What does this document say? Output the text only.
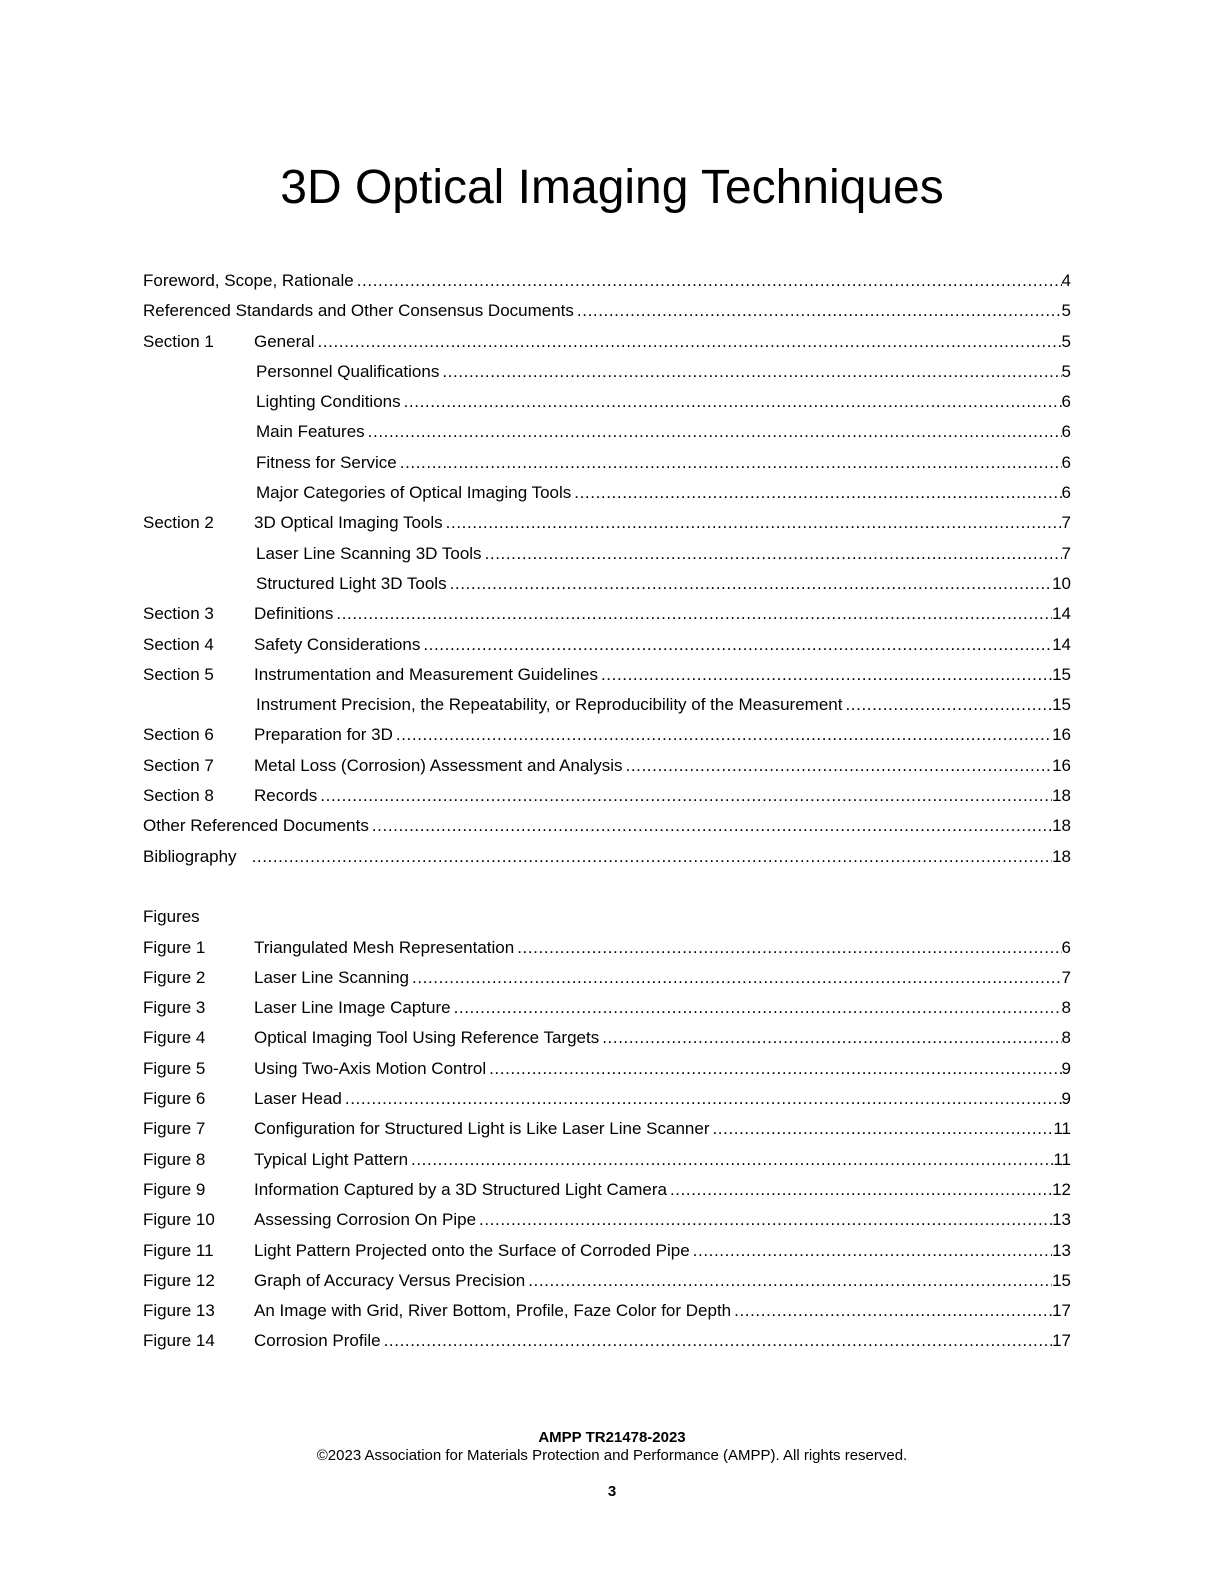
3D Optical Imaging Techniques
Foreword, Scope, Rationale .....	4
Referenced Standards and Other Consensus Documents .....	5
Section 1	General .....	5
Personnel Qualifications .....	5
Lighting Conditions .....	6
Main Features .....	6
Fitness for Service .....	6
Major Categories of Optical Imaging Tools .....	6
Section 2	3D Optical Imaging Tools .....	7
Laser Line Scanning 3D Tools .....	7
Structured Light 3D Tools .....	10
Section 3	Definitions .....	14
Section 4	Safety Considerations .....	14
Section 5	Instrumentation and Measurement Guidelines .....	15
Instrument Precision, the Repeatability, or Reproducibility of the Measurement .....	15
Section 6	Preparation for 3D .....	16
Section 7	Metal Loss (Corrosion) Assessment and Analysis .....	16
Section 8	Records .....	18
Other Referenced Documents .....	18
Bibliography .....	18
Figures
Figure 1	Triangulated Mesh Representation .....	6
Figure 2	Laser Line Scanning .....	7
Figure 3	Laser Line Image Capture .....	8
Figure 4	Optical Imaging Tool Using Reference Targets .....	8
Figure 5	Using Two-Axis Motion Control .....	9
Figure 6	Laser Head .....	9
Figure 7	Configuration for Structured Light is Like Laser Line Scanner .....	11
Figure 8	Typical Light Pattern .....	11
Figure 9	Information Captured by a 3D Structured Light Camera .....	12
Figure 10	Assessing Corrosion On Pipe .....	13
Figure 11	Light Pattern Projected onto the Surface of Corroded Pipe .....	13
Figure 12	Graph of Accuracy Versus Precision .....	15
Figure 13	An Image with Grid, River Bottom, Profile, Faze Color for Depth .....	17
Figure 14	Corrosion Profile .....	17
AMPP TR21478-2023
©2023 Association for Materials Protection and Performance (AMPP). All rights reserved.
3
